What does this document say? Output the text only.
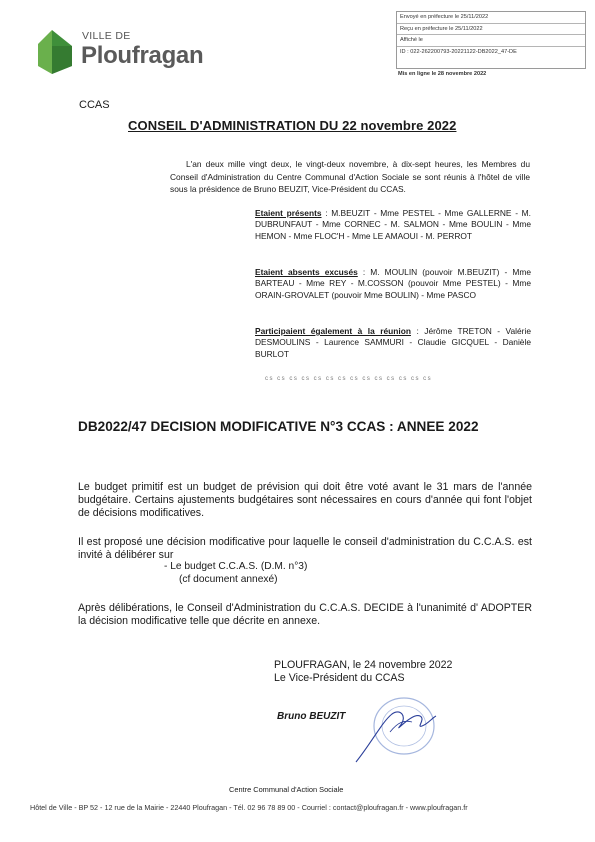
VILLE DE
Ploufragan
Envoyé en préfecture le 25/11/2022
Reçu en préfecture le 25/11/2022
Affiché le
ID : 022-262200793-20221122-DB2022_47-DE
Mis en ligne le 28 novembre 2022
CCAS
CONSEIL D'ADMINISTRATION DU 22 novembre 2022
L'an deux mille vingt deux, le vingt-deux novembre, à dix-sept heures, les Membres du Conseil d'Administration du Centre Communal d'Action Sociale se sont réunis à l'hôtel de ville sous la présidence de Bruno BEUZIT, Vice-Président du CCAS.
Etaient présents : M.BEUZIT - Mme PESTEL - Mme GALLERNE - M. DUBRUNFAUT - Mme CORNEC - M. SALMON - Mme BOULIN - Mme HEMON - Mme FLOC'H - Mme LE AMAOUI - M. PERROT
Etaient absents excusés : M. MOULIN (pouvoir M.BEUZIT) - Mme BARTEAU - Mme REY - M.COSSON (pouvoir Mme PESTEL) - Mme ORAIN-GROVALET (pouvoir Mme BOULIN) - Mme PASCO
Participaient également à la réunion : Jérôme TRETON - Valérie DESMOULINS - Laurence SAMMURI - Claudie GICQUEL - Danièle BURLOT
cs cs cs cs cs cs cs cs cs cs cs cs cs cs
DB2022/47 DECISION MODIFICATIVE N°3 CCAS : ANNEE 2022
Le budget primitif est un budget de prévision qui doit être voté avant le 31 mars de l'année budgétaire. Certains ajustements budgétaires sont nécessaires en cours d'année qui font l'objet de décisions modificatives.
Il est proposé une décision modificative pour laquelle le conseil d'administration du C.C.A.S. est invité à délibérer sur
- Le budget C.C.A.S. (D.M. n°3)
(cf document annexé)
Après délibérations, le Conseil d'Administration du C.C.A.S. DECIDE à l'unanimité d' ADOPTER la décision modificative telle que décrite en annexe.
PLOUFRAGAN, le 24 novembre 2022
Le Vice-Président du CCAS
Bruno BEUZIT
Centre Communal d'Action Sociale
Hôtel de Ville - BP 52 - 12 rue de la Mairie - 22440 Ploufragan - Tél. 02 96 78 89 00 - Courriel : contact@ploufragan.fr - www.ploufragan.fr
